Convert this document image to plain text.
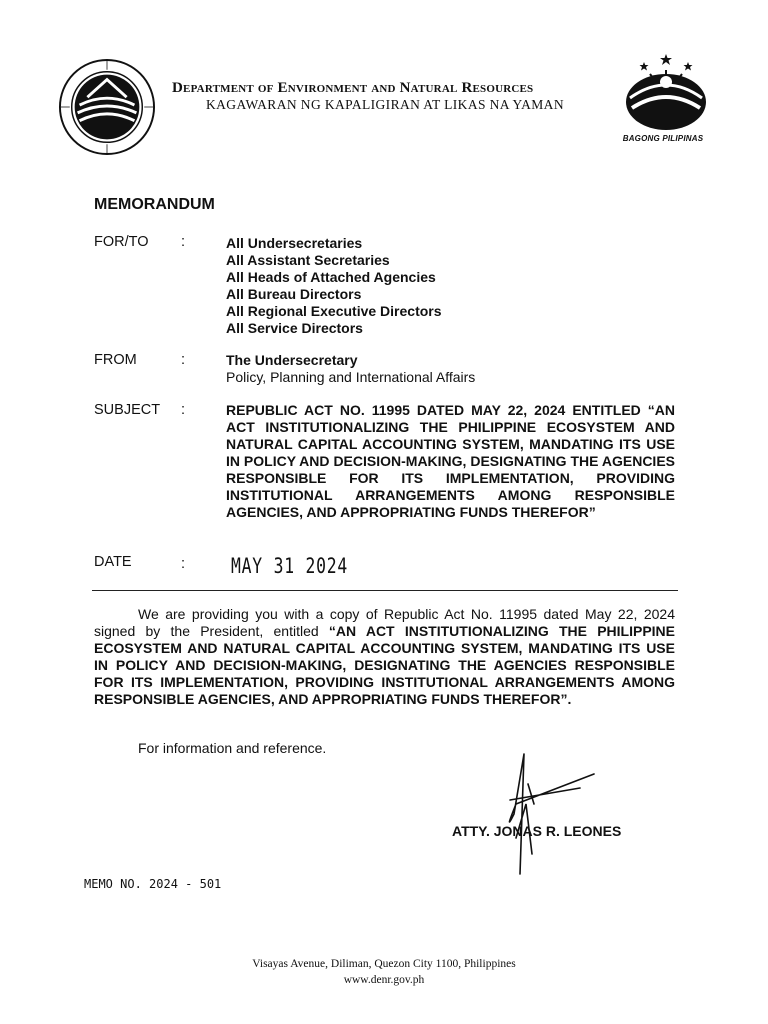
Department of Environment and Natural Resources
KAGAWARAN NG KAPALIGIRAN AT LIKAS NA YAMAN
BAGONG PILIPINAS
MEMORANDUM
FOR/TO :	All Undersecretaries
All Assistant Secretaries
All Heads of Attached Agencies
All Bureau Directors
All Regional Executive Directors
All Service Directors
FROM	:	The Undersecretary
Policy, Planning and International Affairs
SUBJECT :	REPUBLIC ACT NO. 11995 DATED MAY 22, 2024 ENTITLED “AN ACT INSTITUTIONALIZING THE PHILIPPINE ECOSYSTEM AND NATURAL CAPITAL ACCOUNTING SYSTEM, MANDATING ITS USE IN POLICY AND DECISION-MAKING, DESIGNATING THE AGENCIES RESPONSIBLE FOR ITS IMPLEMENTATION, PROVIDING INSTITUTIONAL ARRANGEMENTS AMONG RESPONSIBLE AGENCIES, AND APPROPRIATING FUNDS THEREFOR”
DATE	: MAY 31 2024
We are providing you with a copy of Republic Act No. 11995 dated May 22, 2024 signed by the President, entitled “AN ACT INSTITUTIONALIZING THE PHILIPPINE ECOSYSTEM AND NATURAL CAPITAL ACCOUNTING SYSTEM, MANDATING ITS USE IN POLICY AND DECISION-MAKING, DESIGNATING THE AGENCIES RESPONSIBLE FOR ITS IMPLEMENTATION, PROVIDING INSTITUTIONAL ARRANGEMENTS AMONG RESPONSIBLE AGENCIES, AND APPROPRIATING FUNDS THEREFOR”.
For information and reference.
ATTY. JONAS R. LEONES
MEMO NO. 2024 - 501
Visayas Avenue, Diliman, Quezon City 1100, Philippines
www.denr.gov.ph
